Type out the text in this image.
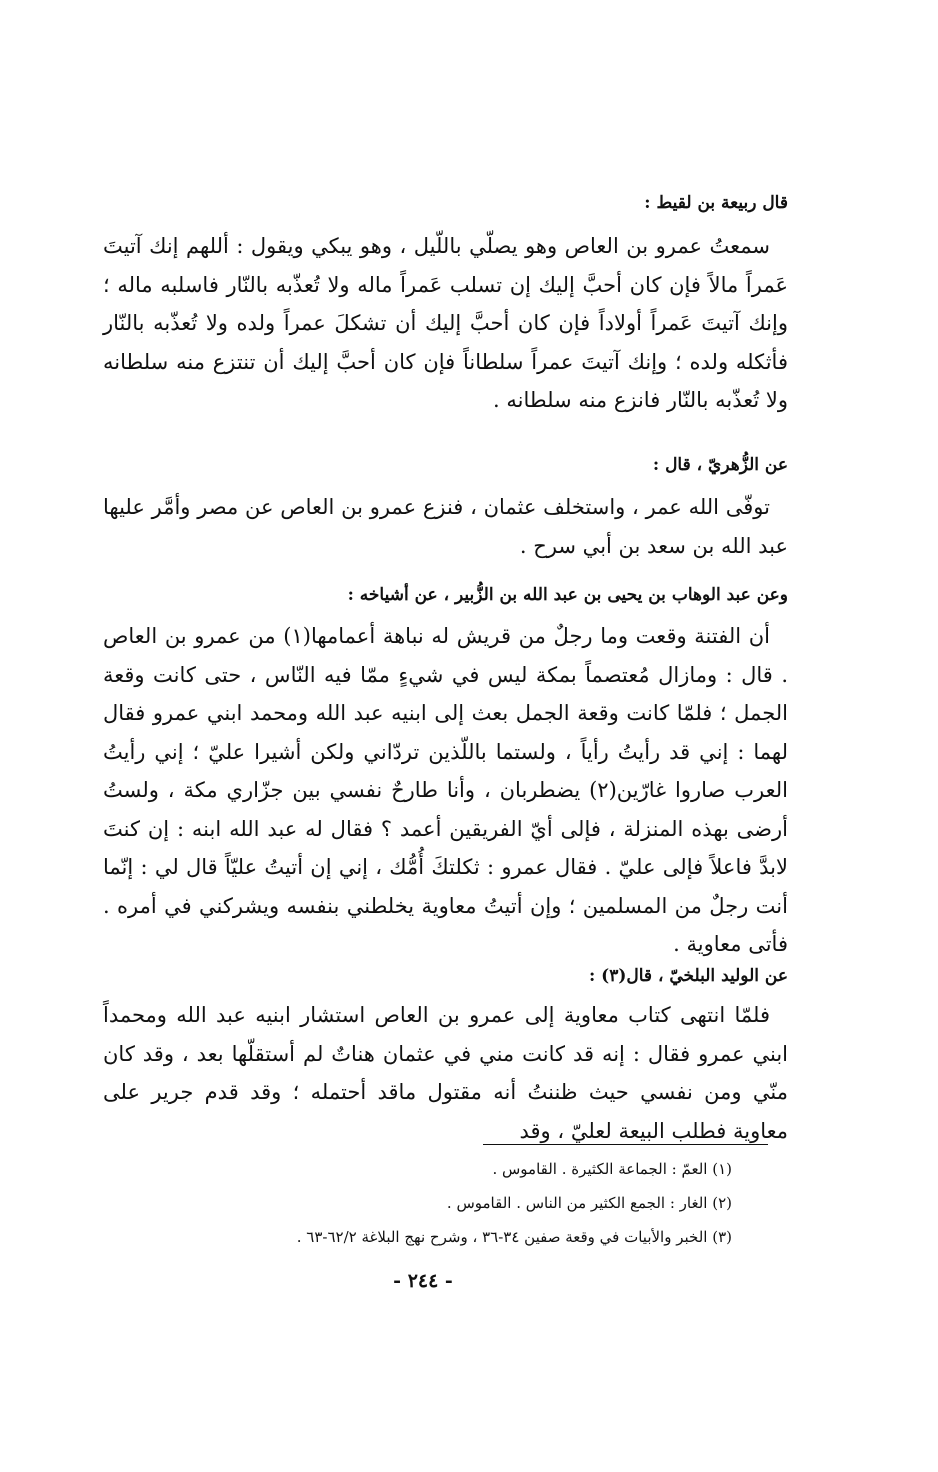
قال ربيعة بن لقيط :
سمعتُ عمرو بن العاص وهو يصلّي باللّيل ، وهو يبكي ويقول : أللهم إنك آتيتَ عَمراً مالاً فإن كان أحبَّ إليك إن تسلب عَمراً ماله ولا تُعذّبه بالنّار فاسلبه ماله ؛ وإنك آتيتَ عَمراً أولاداً فإن كان أحبَّ إليك أن تشكلَ عمراً ولده ولا تُعذّبه بالنّار فأثكله ولده ؛ وإنك آتيتَ عمراً سلطاناً فإن كان أحبَّ إليك أن تنتزع منه سلطانه ولا تُعذّبه بالنّار فانزع منه سلطانه .
عن الزُّهريّ ، قال :
توفّى الله عمر ، واستخلف عثمان ، فنزع عمرو بن العاص عن مصر وأمَّر عليها عبد الله بن سعد بن أبي سرح .
وعن عبد الوهاب بن يحيى بن عبد الله بن الزُّبير ، عن أشياخه :
أن الفتنة وقعت وما رجلٌ من قريش له نباهة أعمامها(١) من عمرو بن العاص . قال : ومازال مُعتصماً بمكة ليس في شيءٍ ممّا فيه النّاس ، حتى كانت وقعة الجمل ؛ فلمّا كانت وقعة الجمل بعث إلى ابنيه عبد الله ومحمد ابني عمرو فقال لهما : إني قد رأيتُ رأياً ، ولستما باللّذين تردّاني ولكن أشيرا عليّ ؛ إني رأيتُ العرب صاروا غارّين(٢) يضطربان ، وأنا طارحٌ نفسي بين جزّاري مكة ، ولستُ أرضى بهذه المنزلة ، فإلى أيّ الفريقين أعمد ؟ فقال له عبد الله ابنه : إن كنتَ لابدَّ فاعلاً فإلى عليّ . فقال عمرو : ثكلتكَ أُمُّك ، إني إن أتيتُ عليّاً قال لي : إنّما أنت رجلٌ من المسلمين ؛ وإن أتيتُ معاوية يخلطني بنفسه ويشركني في أمره . فأتى معاوية .
عن الوليد البلخيّ ، قال(٣) :
فلمّا انتهى كتاب معاوية إلى عمرو بن العاص استشار ابنيه عبد الله ومحمداً ابني عمرو فقال : إنه قد كانت مني في عثمان هناتٌ لم أستقلّها بعد ، وقد كان منّي ومن نفسي حيث ظننتُ أنه مقتول ماقد أحتمله ؛ وقد قدم جرير على معاوية فطلب البيعة لعليّ ، وقد
(١) العمّ : الجماعة الكثيرة . القاموس .
(٢) الغار : الجمع الكثير من الناس . القاموس .
(٣) الخبر والأبيات في وقعة صفين ٣٤-٣٦ ، وشرح نهج البلاغة ٦٢/٢-٦٣ .
- ٢٤٤ -
